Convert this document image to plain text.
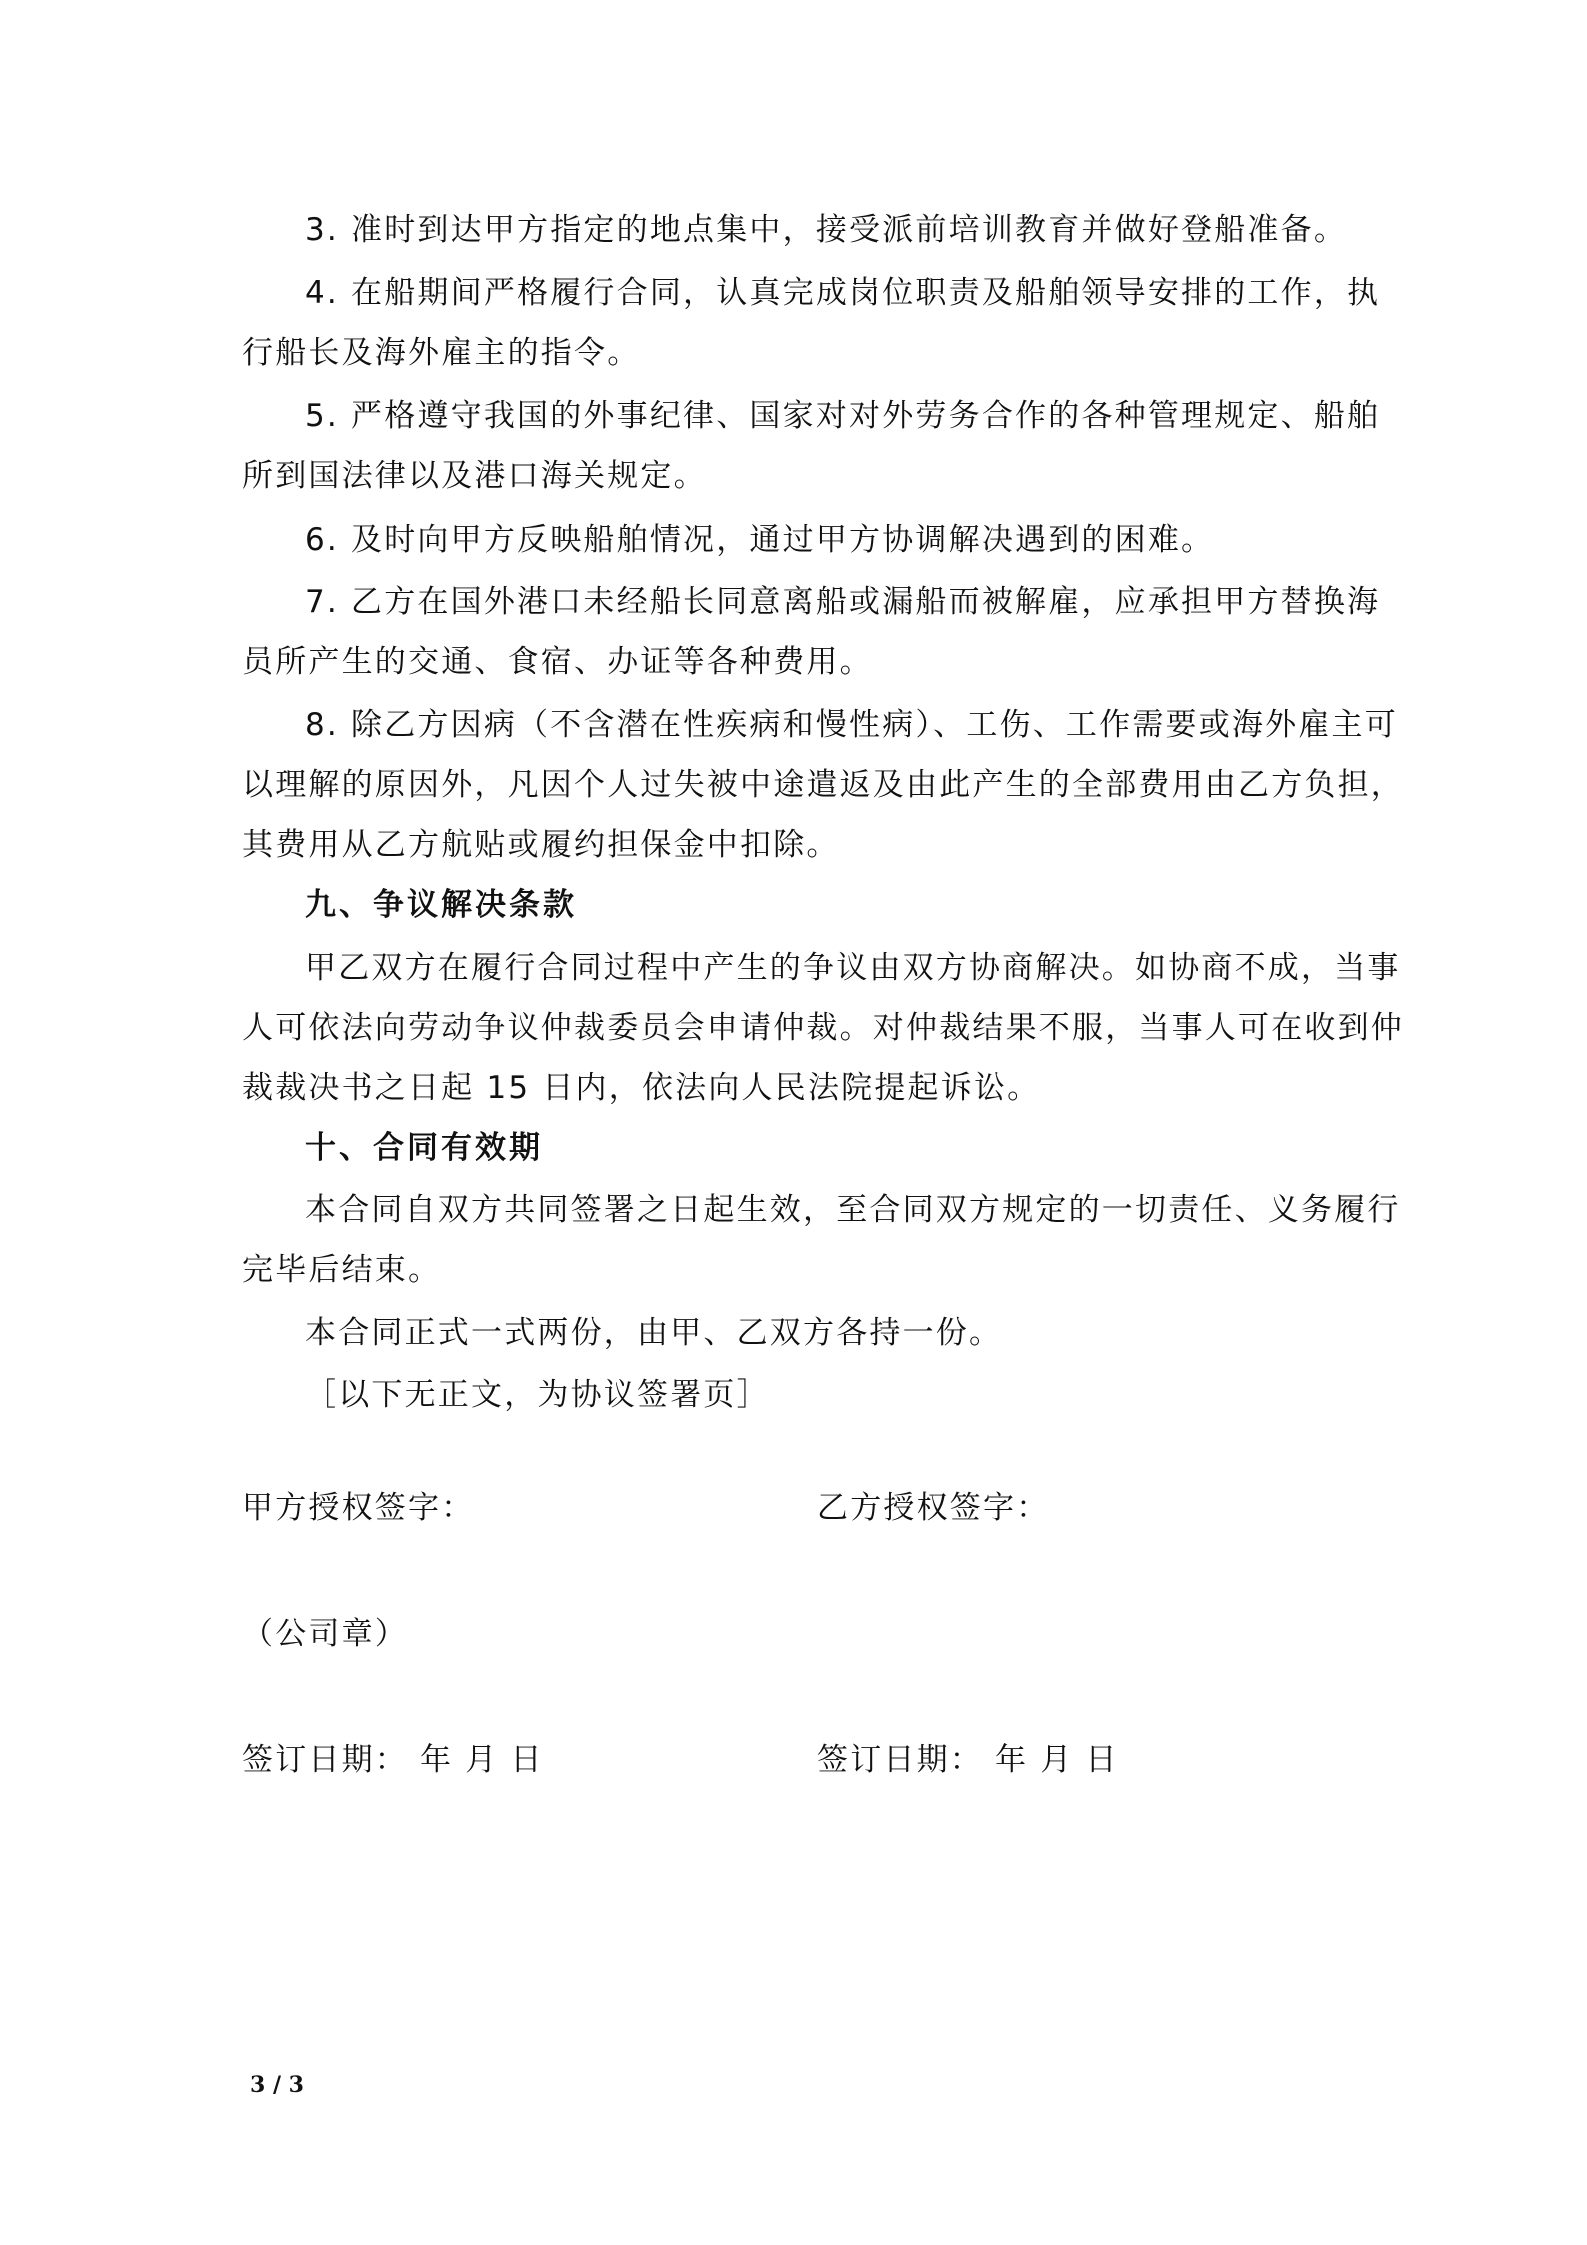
3. 准时到达甲方指定的地点集中，接受派前培训教育并做好登船准备。
4. 在船期间严格履行合同，认真完成岗位职责及船舶领导安排的工作，执
行船长及海外雇主的指令。
5. 严格遵守我国的外事纪律、国家对对外劳务合作的各种管理规定、船舶
所到国法律以及港口海关规定。
6. 及时向甲方反映船舶情况，通过甲方协调解决遇到的困难。
7. 乙方在国外港口未经船长同意离船或漏船而被解雇，应承担甲方替换海
员所产生的交通、食宿、办证等各种费用。
8. 除乙方因病（不含潜在性疾病和慢性病）、工伤、工作需要或海外雇主可
以理解的原因外，凡因个人过失被中途遣返及由此产生的全部费用由乙方负担，
其费用从乙方航贴或履约担保金中扣除。
九、争议解决条款
甲乙双方在履行合同过程中产生的争议由双方协商解决。如协商不成，当事
人可依法向劳动争议仲裁委员会申请仲裁。对仲裁结果不服，当事人可在收到仲
裁裁决书之日起 15 日内，依法向人民法院提起诉讼。
十、合同有效期
本合同自双方共同签署之日起生效，至合同双方规定的一切责任、义务履行
完毕后结束。
本合同正式一式两份，由甲、乙双方各持一份。
［以下无正文，为协议签署页］
甲方授权签字：	乙方授权签字：
（公司章）
签订日期： 年 月 日	签订日期： 年 月 日
3 / 3
